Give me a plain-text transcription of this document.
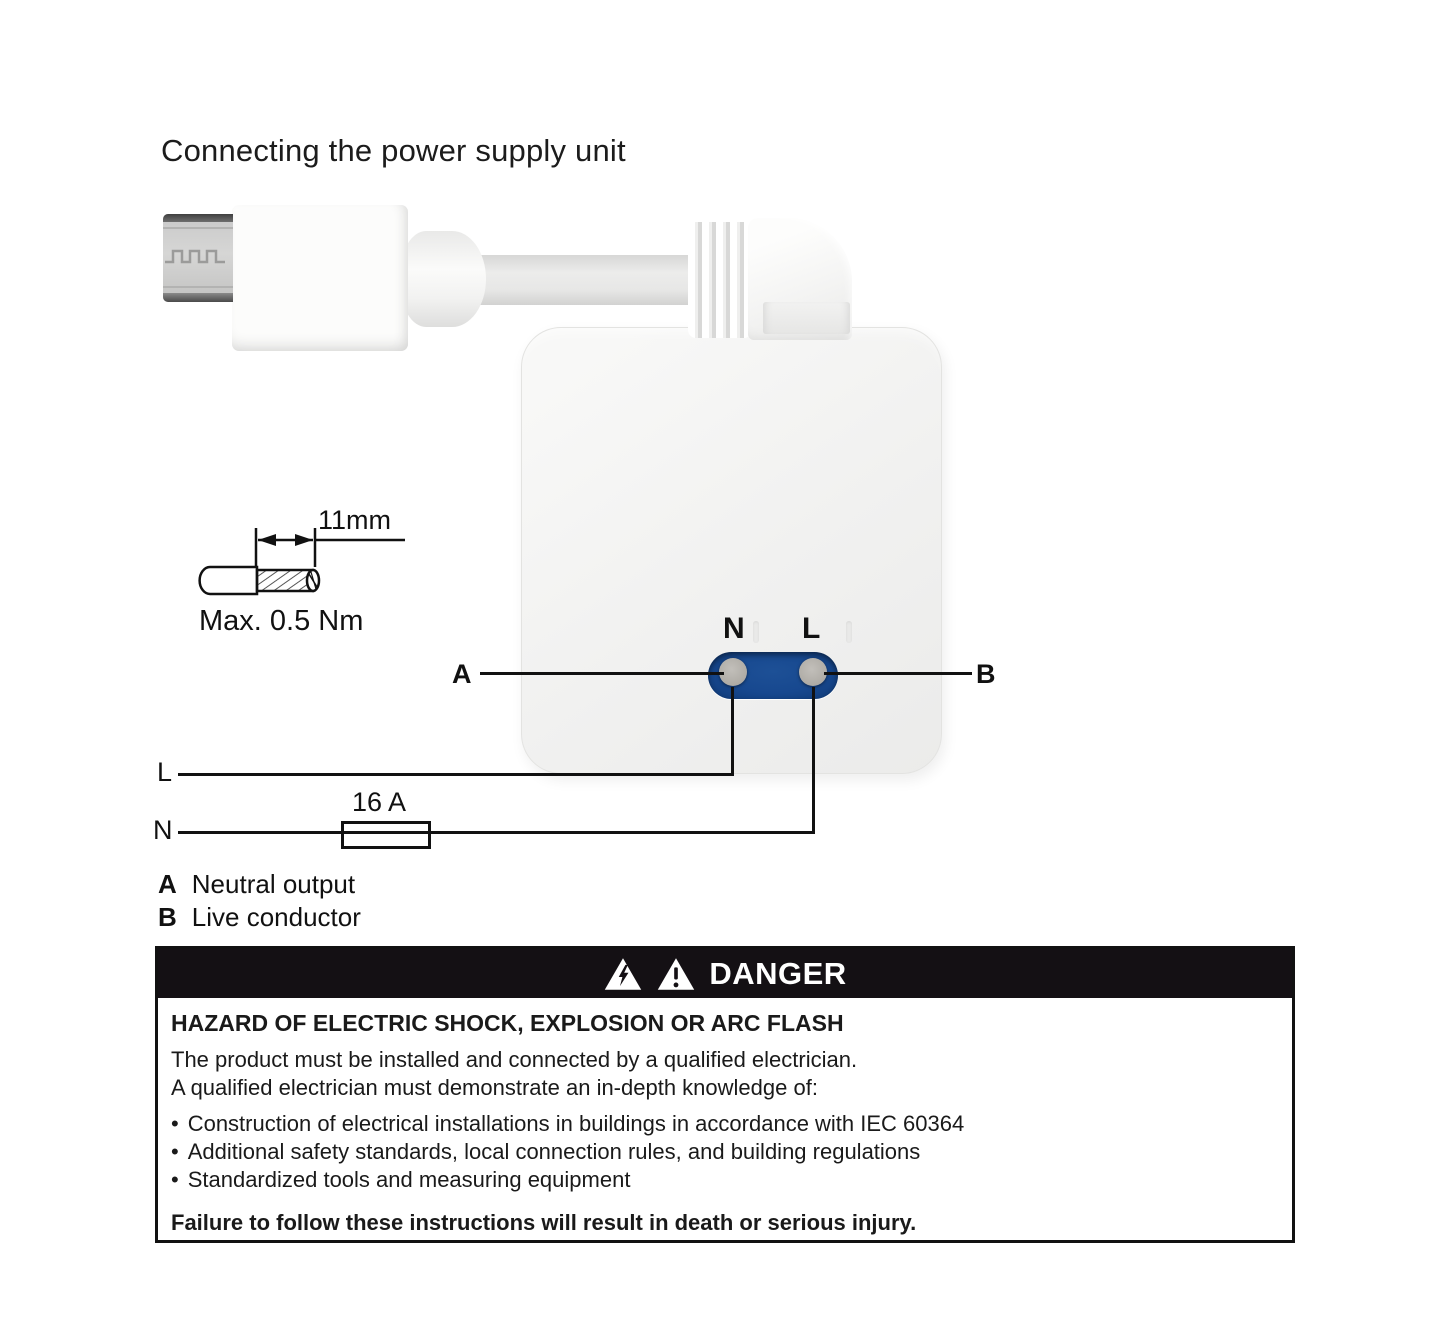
Connecting the power supply unit
N L
A	B
L
N
16 A
11mm
Max. 0.5 Nm
A Neutral output
B Live conductor
DANGER
HAZARD OF ELECTRIC SHOCK, EXPLOSION OR ARC FLASH
The product must be installed and connected by a qualified electrician.
A qualified electrician must demonstrate an in-depth knowledge of:
• Construction of electrical installations in buildings in accordance with IEC 60364
• Additional safety standards, local connection rules, and building regulations
• Standardized tools and measuring equipment
Failure to follow these instructions will result in death or serious injury.
